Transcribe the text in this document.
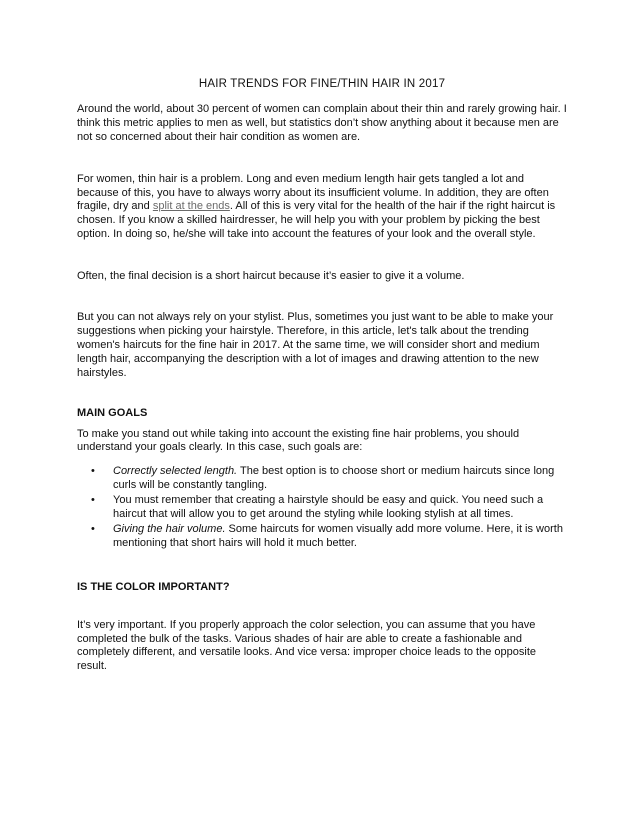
HAIR TRENDS FOR FINE/THIN HAIR IN 2017

Around the world, about 30 percent of women can complain about their thin and rarely growing hair. I think this metric applies to men as well, but statistics don’t show anything about it because men are not so concerned about their hair condition as women are.

For women, thin hair is a problem. Long and even medium length hair gets tangled a lot and because of this, you have to always worry about its insufficient volume. In addition, they are often fragile, dry and split at the ends. All of this is very vital for the health of the hair if the right haircut is chosen. If you know a skilled hairdresser, he will help you with your problem by picking the best option. In doing so, he/she will take into account the features of your look and the overall style.

Often, the final decision is a short haircut because it’s easier to give it a volume.

But you can not always rely on your stylist. Plus, sometimes you just want to be able to make your suggestions when picking your hairstyle. Therefore, in this article, let's talk about the trending women's haircuts for the fine hair in 2017. At the same time, we will consider short and medium length hair, accompanying the description with a lot of images and drawing attention to the new hairstyles.

MAIN GOALS

To make you stand out while taking into account the existing fine hair problems, you should understand your goals clearly. In this case, such goals are:

• Correctly selected length. The best option is to choose short or medium haircuts since long curls will be constantly tangling.
• You must remember that creating a hairstyle should be easy and quick. You need such a haircut that will allow you to get around the styling while looking stylish at all times.
• Giving the hair volume. Some haircuts for women visually add more volume. Here, it is worth mentioning that short hairs will hold it much better.
IS THE COLOR IMPORTANT?

It’s very important. If you properly approach the color selection, you can assume that you have completed the bulk of the tasks. Various shades of hair are able to create a fashionable and completely different, and versatile looks. And vice versa: improper choice leads to the opposite result.
